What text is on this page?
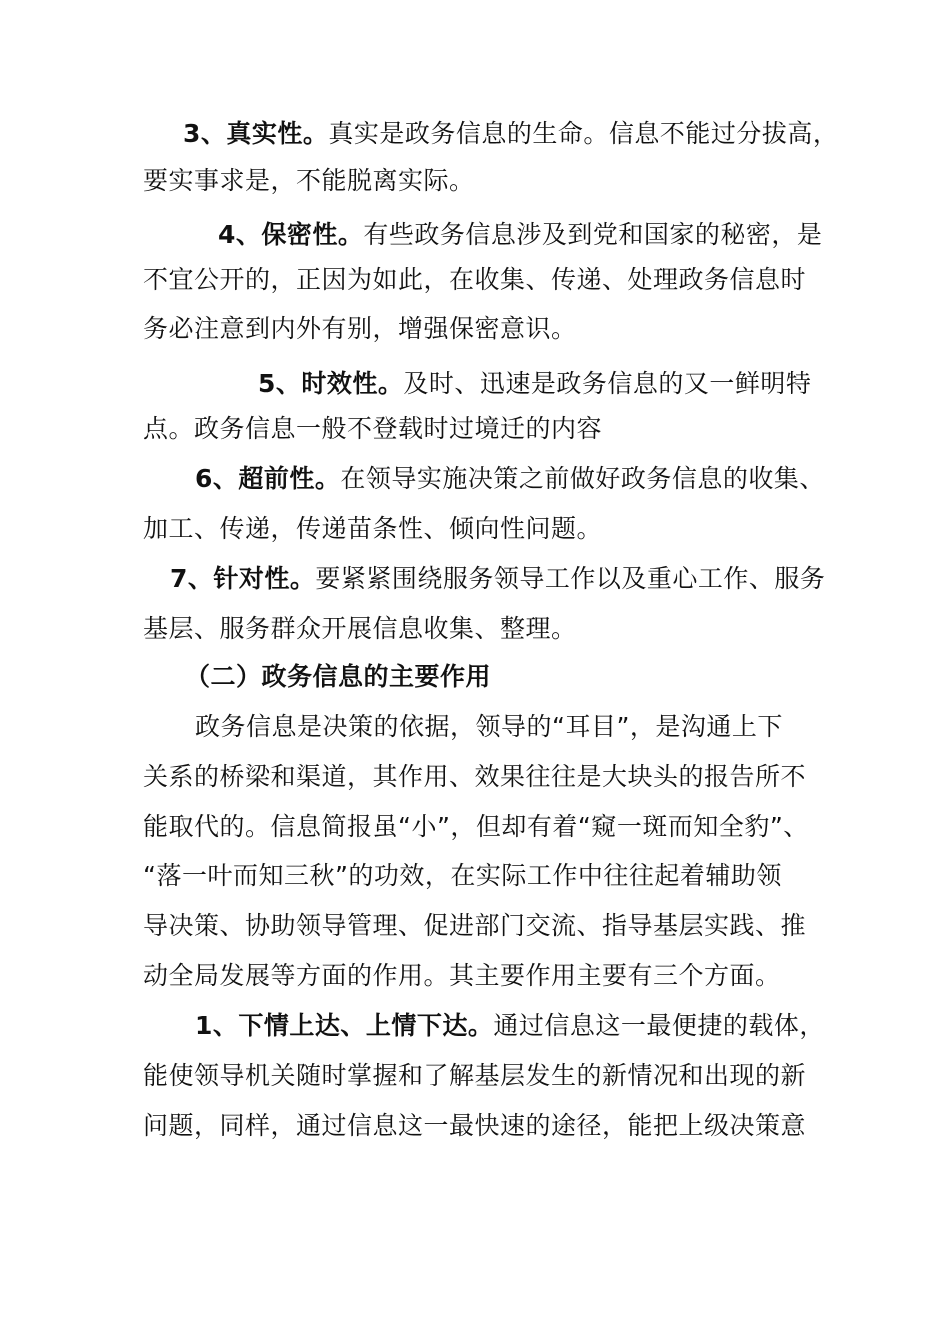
3、真实性。真实是政务信息的生命。信息不能过分拔高，
要实事求是，不能脱离实际。
4、保密性。有些政务信息涉及到党和国家的秘密，是
不宜公开的，正因为如此，在收集、传递、处理政务信息时
务必注意到内外有别，增强保密意识。
5、时效性。及时、迅速是政务信息的又一鲜明特
点。政务信息一般不登载时过境迁的内容
6、超前性。在领导实施决策之前做好政务信息的收集、
加工、传递，传递苗条性、倾向性问题。
7、针对性。要紧紧围绕服务领导工作以及重心工作、服务
基层、服务群众开展信息收集、整理。
（二）政务信息的主要作用
政务信息是决策的依据，领导的“耳目”，是沟通上下
关系的桥梁和渠道，其作用、效果往往是大块头的报告所不
能取代的。信息简报虽“小”，但却有着“窥一斑而知全豹”、
“落一叶而知三秋”的功效，在实际工作中往往起着辅助领
导决策、协助领导管理、促进部门交流、指导基层实践、推
动全局发展等方面的作用。其主要作用主要有三个方面。
1、下情上达、上情下达。通过信息这一最便捷的载体，
能使领导机关随时掌握和了解基层发生的新情况和出现的新
问题，同样，通过信息这一最快速的途径，能把上级决策意
